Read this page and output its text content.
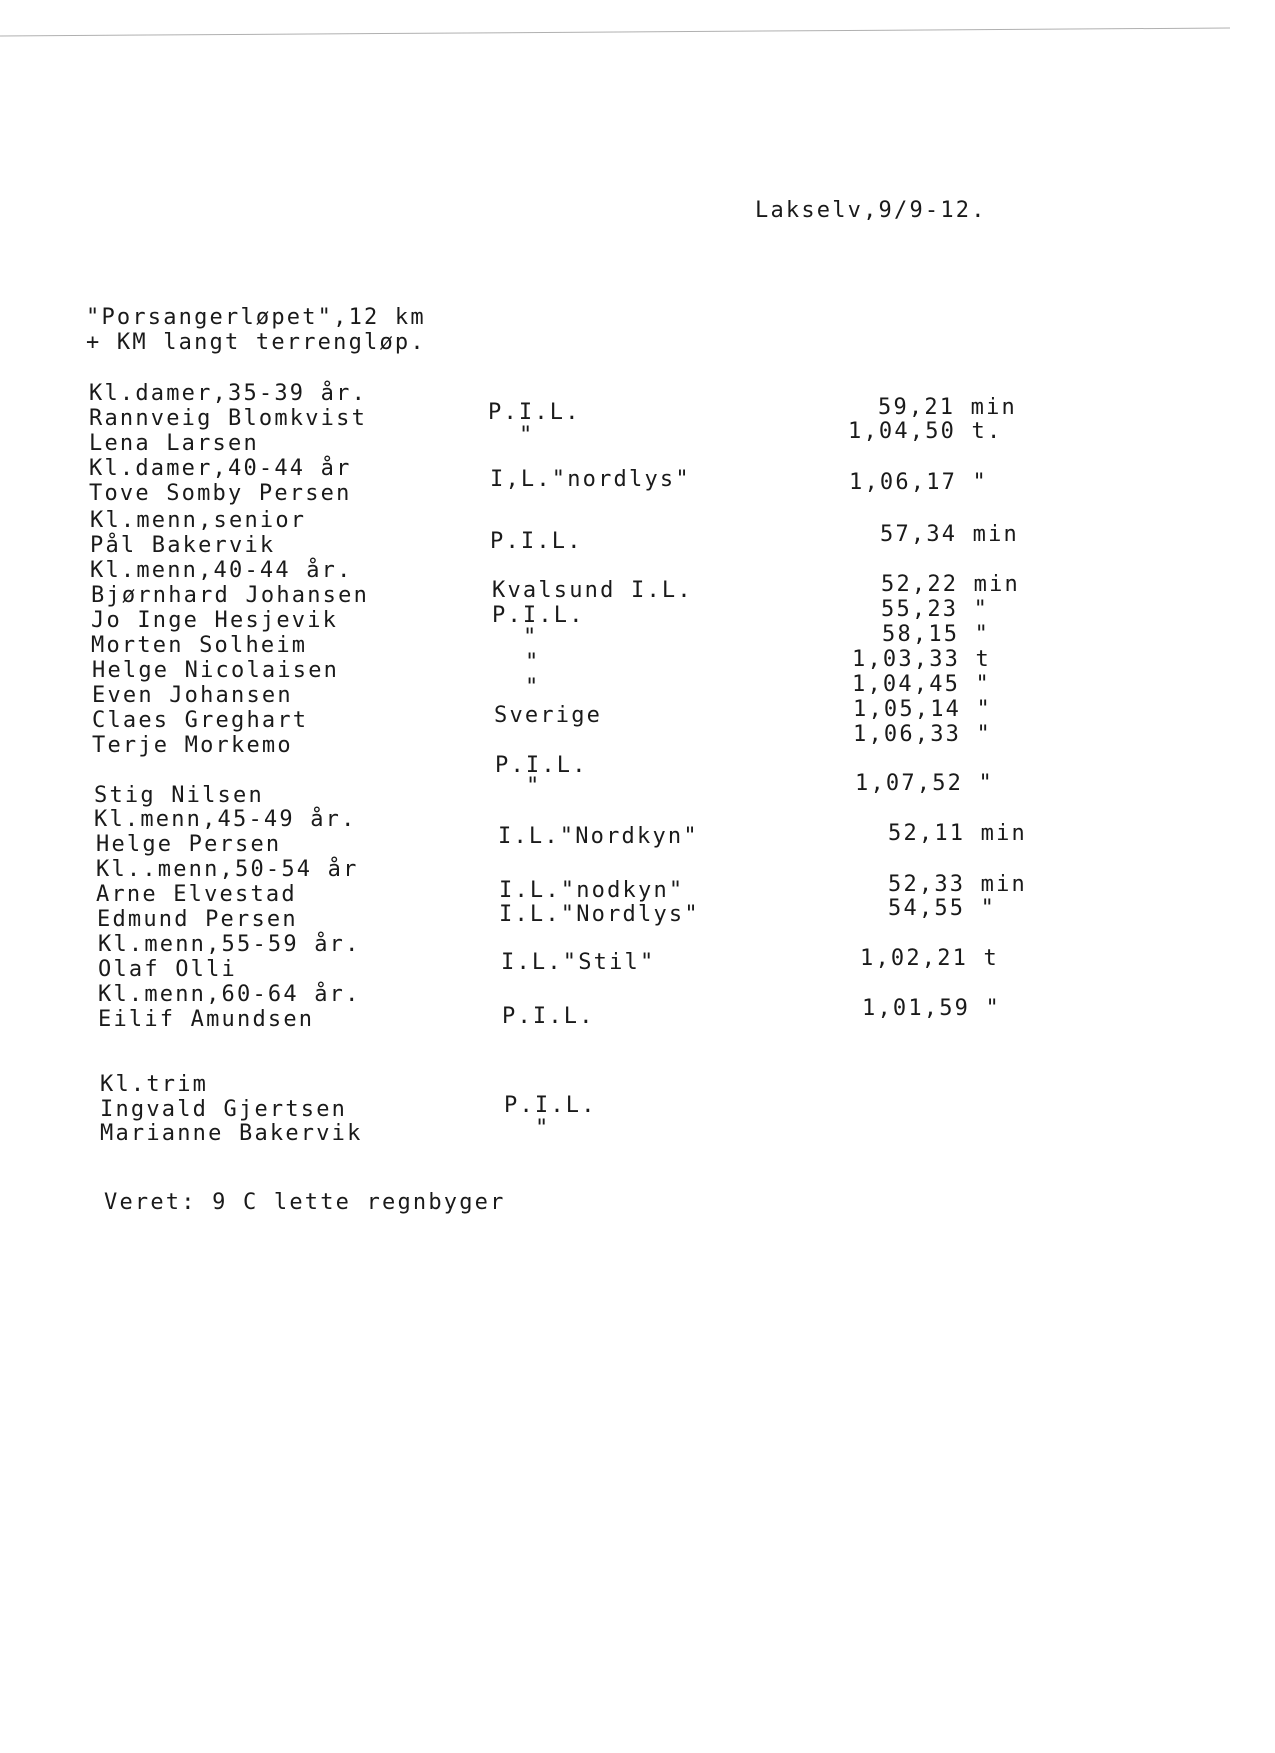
Lakselv,9/9-12.
"Porsangerløpet",12 km
+ KM langt terrengløp.
Kl.damer,35-39 år.
Rannveig Blomkvist
Lena Larsen
Kl.damer,40-44 år
Tove Somby Persen
Kl.menn,senior
Pål Bakervik
Kl.menn,40-44 år.
Bjørnhard Johansen
Jo Inge Hesjevik
Morten Solheim
Helge Nicolaisen
Even Johansen
Claes Greghart
Terje Morkemo
Stig Nilsen
Kl.menn,45-49 år.
Helge Persen
Kl..menn,50-54 år
Arne Elvestad
Edmund Persen
Kl.menn,55-59 år.
Olaf Olli
Kl.menn,60-64 år.
Eilif Amundsen
Kl.trim
Ingvald Gjertsen
Marianne Bakervik
P.I.L.
"
I,L."nordlys"
P.I.L.
Kvalsund I.L.
P.I.L.
"
"
"
Sverige
P.I.L.
"
I.L."Nordkyn"
I.L."nodkyn"
I.L."Nordlys"
I.L."Stil"
P.I.L.
P.I.L.
"
59,21 min
1,04,50 t.
1,06,17 "
57,34 min
52,22 min
55,23 "
58,15 "
1,03,33 t
1,04,45 "
1,05,14 "
1,06,33 "
1,07,52 "
52,11 min
52,33 min
54,55 "
1,02,21 t
1,01,59 "
Veret: 9 C lette regnbyger
